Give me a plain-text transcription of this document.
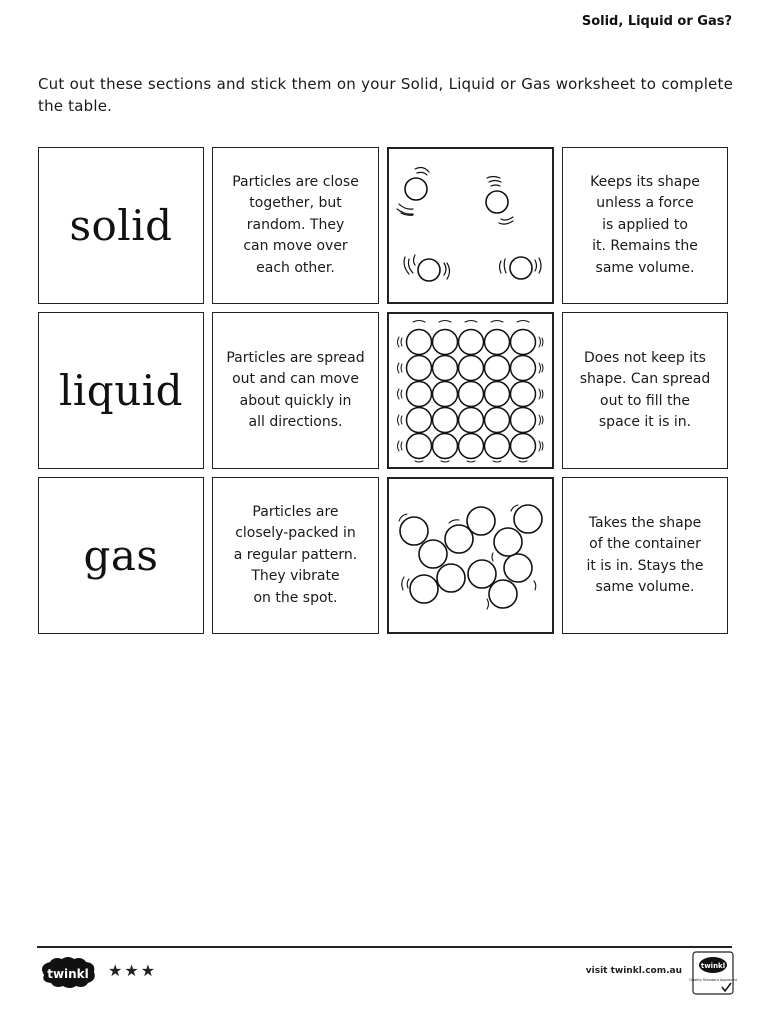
Solid, Liquid or Gas?
Cut out these sections and stick them on your Solid, Liquid or Gas worksheet to complete the table.
solid
Particles are close
together, but
random. They
can move over
each other.
Keeps its shape
unless a force
is applied to
it. Remains the
same volume.
liquid
Particles are spread
out and can move
about quickly in
all directions.
Does not keep its
shape. Can spread
out to fill the
space it is in.
gas
Particles are
closely-packed in
a regular pattern.
They vibrate
on the spot.
Takes the shape
of the container
it is in. Stays the
same volume.
twinkl ★★★	visit twinkl.com.au	twinkl
Quality Standard Approved
